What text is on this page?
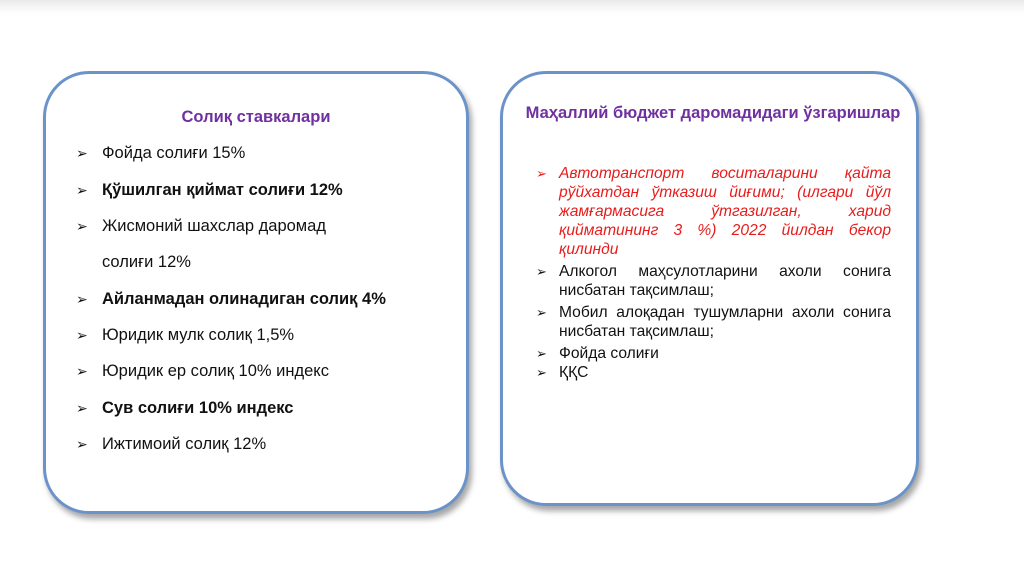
Солиқ ставкалари
➢ Фойда солиғи 15%
➢ Қўшилган қиймат солиғи 12%
➢ Жисмоний шахслар даромад
солиғи 12%
➢ Айланмадан олинадиган солиқ 4%
➢ Юридик мулк солиқ 1,5%
➢ Юридик ер солиқ 10% индекс
➢ Сув солиғи 10% индекс
➢ Ижтимоий солиқ 12%
Маҳаллий бюджет даромадидаги ўзгаришлар
➢ Автотранспорт воситаларини қайта рўйхатдан ўтказиш йиғими; (илгари йўл жамғармасига ўтгазилган, харид қийматининг 3 %) 2022 йилдан бекор қилинди
➢ Алкогол маҳсулотларини ахоли сонига нисбатан тақсимлаш;
➢ Мобил алоқадан тушумларни ахоли сонига нисбатан тақсимлаш;
➢ Фойда солиғи
➢ ҚҚС
